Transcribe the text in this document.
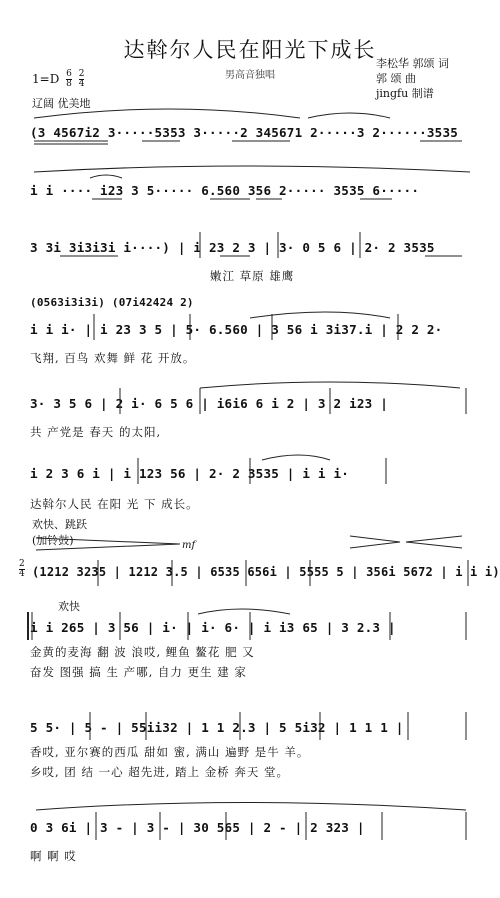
达斡尔人民在阳光下成长
男高音独唱
李松华 郭颂 词
郭 颂 曲
jingfu 制谱
$1=D \frac{6}{8}$
$\frac{2}{4}$
辽阔 优美地
(3 4567i2 3·····5353 3·····2 345671 2·····3 2······3535
i i ···· i23 3 5····· 6.560 356 2····· 3535 6·····
3 3i 3i3i3i i····) | i 23 2 3 | 3· 0 5 6 | 2· 2 3535
嫩江 草原 雄鹰
(0563i3i3i) (07i42424 2)
i i i· | i 23 3 5 | 5· 6.560 | 3 56 i 3i37.i | 2 2 2·
飞翔, 百鸟 欢舞 鲜 花 开放。
3· 3 5 6 | 2 i· 6 5 6 | i6i6 6 i 2 | 3 2 i23 |
共 产党是 春天 的太阳,
i 2 3 6 i | i 123 56 | 2· 2 3535 | i i i·
达斡尔人民 在阳 光 下 成长。
欢快、跳跃
(加铃鼓)	mf
$\frac{2}{4} (1212$ 3235 | 1212 3.5 | 6535 656i | 5555 5 | 356i 5672 | i i i)
欢快
i i 265 | 3 56 | i· | i· 6· | i i3 65 | 3 2.3 |
金黄的麦海 翻 波 浪哎, 鲤鱼 鳌花 肥 又
奋发 图强 搞 生 产哪, 自力 更生 建 家
5 5· | 5 - | 55ii32 | 1 1 2.3 | 5 5i32 | 1 1 1 |
香哎, 亚尔赛的西瓜 甜如 蜜, 满山 遍野 是牛 羊。
乡哎, 团 结 一心 超先进, 踏上 金桥 奔天 堂。
0 3 6i | 3 - | 3 - | 30 565 | 2 - | 2 323 |
啊 啊 哎
